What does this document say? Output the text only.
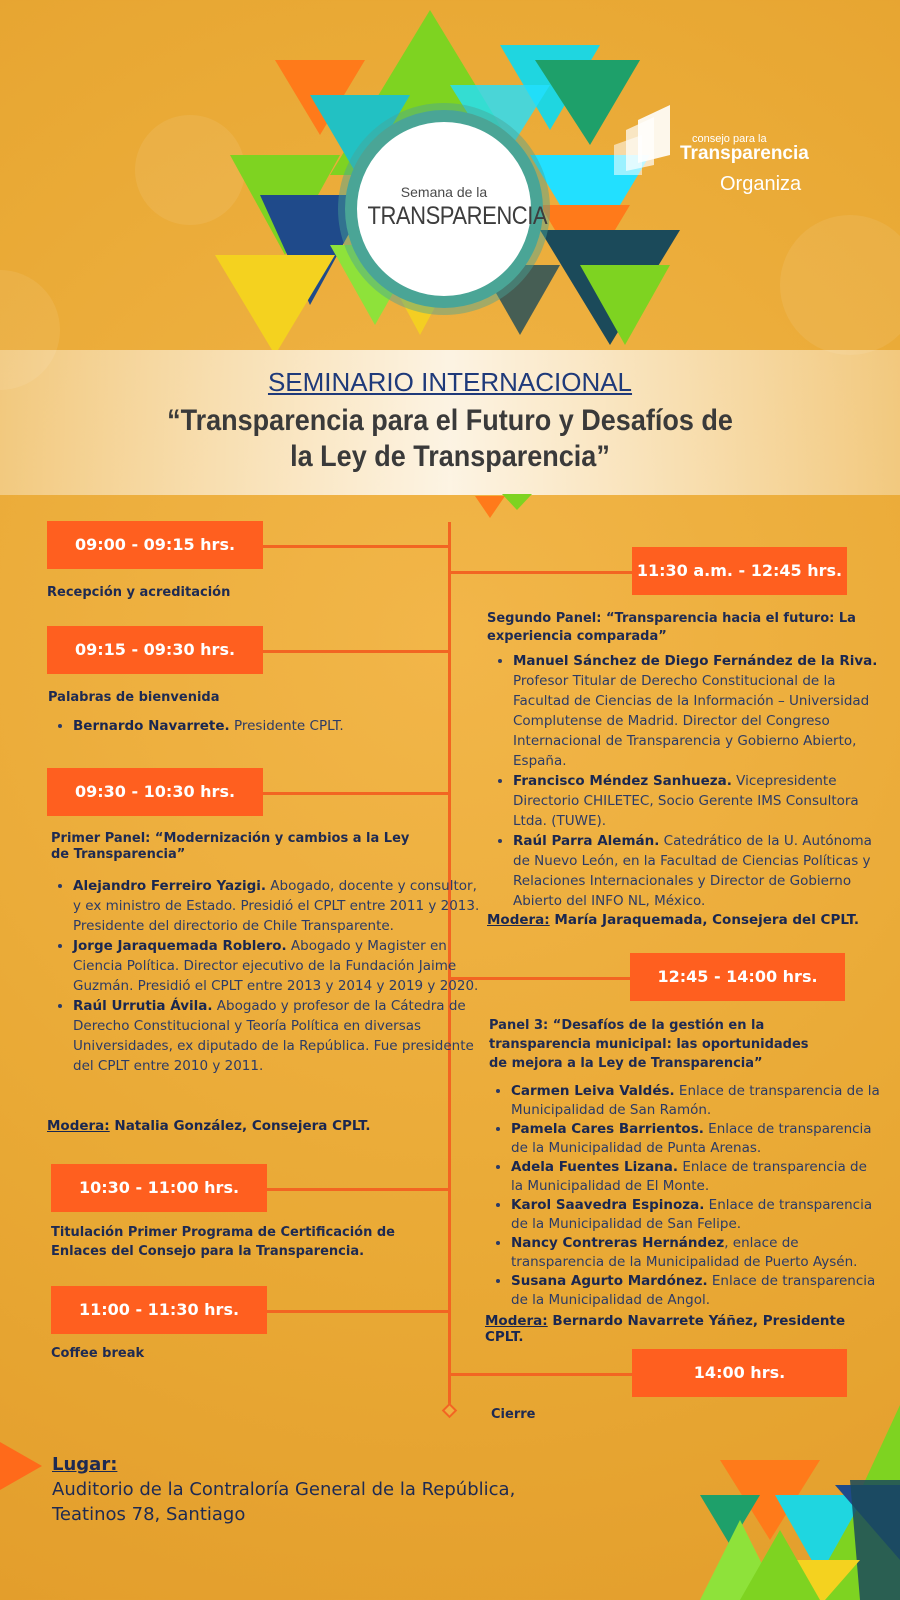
Semana de la
TRANSPARENCIA
consejo para la
Transparencia
Organiza
SEMINARIO INTERNACIONAL
“Transparencia para el Futuro y Desafíos de la Ley de Transparencia”
09:00 - 09:15 hrs.
Recepción y acreditación
09:15 - 09:30 hrs.
Palabras de bienvenida
• Bernardo Navarrete. Presidente CPLT.
09:30 - 10:30 hrs.
Primer Panel: “Modernización y cambios a la Ley de Transparencia”
• Alejandro Ferreiro Yazigi. Abogado, docente y consultor, y ex ministro de Estado. Presidió el CPLT entre 2011 y 2013. Presidente del directorio de Chile Transparente.
• Jorge Jaraquemada Roblero. Abogado y Magister en Ciencia Política. Director ejecutivo de la Fundación Jaime Guzmán. Presidió el CPLT entre 2013 y 2014 y 2019 y 2020.
• Raúl Urrutia Ávila. Abogado y profesor de la Cátedra de Derecho Constitucional y Teoría Política en diversas Universidades, ex diputado de la República. Fue presidente del CPLT entre 2010 y 2011.
Modera: Natalia González, Consejera CPLT.
10:30 - 11:00 hrs.
Titulación Primer Programa de Certificación de Enlaces del Consejo para la Transparencia.
11:00 - 11:30 hrs.
Coffee break
11:30 a.m. - 12:45 hrs.
Segundo Panel: “Transparencia hacia el futuro: La experiencia comparada”
• Manuel Sánchez de Diego Fernández de la Riva. Profesor Titular de Derecho Constitucional de la Facultad de Ciencias de la Información – Universidad Complutense de Madrid. Director del Congreso Internacional de Transparencia y Gobierno Abierto, España.
• Francisco Méndez Sanhueza. Vicepresidente Directorio CHILETEC, Socio Gerente IMS Consultora Ltda. (TUWE).
• Raúl Parra Alemán. Catedrático de la U. Autónoma de Nuevo León, en la Facultad de Ciencias Políticas y Relaciones Internacionales y Director de Gobierno Abierto del INFO NL, México.
Modera: María Jaraquemada, Consejera del CPLT.
12:45 - 14:00 hrs.
Panel 3: “Desafíos de la gestión en la transparencia municipal: las oportunidades de mejora a la Ley de Transparencia”
• Carmen Leiva Valdés. Enlace de transparencia de la Municipalidad de San Ramón.
• Pamela Cares Barrientos. Enlace de transparencia de la Municipalidad de Punta Arenas.
• Adela Fuentes Lizana. Enlace de transparencia de la Municipalidad de El Monte.
• Karol Saavedra Espinoza. Enlace de transparencia de la Municipalidad de San Felipe.
• Nancy Contreras Hernández, enlace de transparencia de la Municipalidad de Puerto Aysén.
• Susana Agurto Mardónez. Enlace de transparencia de la Municipalidad de Angol.
Modera: Bernardo Navarrete Yáñez, Presidente CPLT.
14:00 hrs.
Cierre
Lugar:
Auditorio de la Contraloría General de la República,
Teatinos 78, Santiago
